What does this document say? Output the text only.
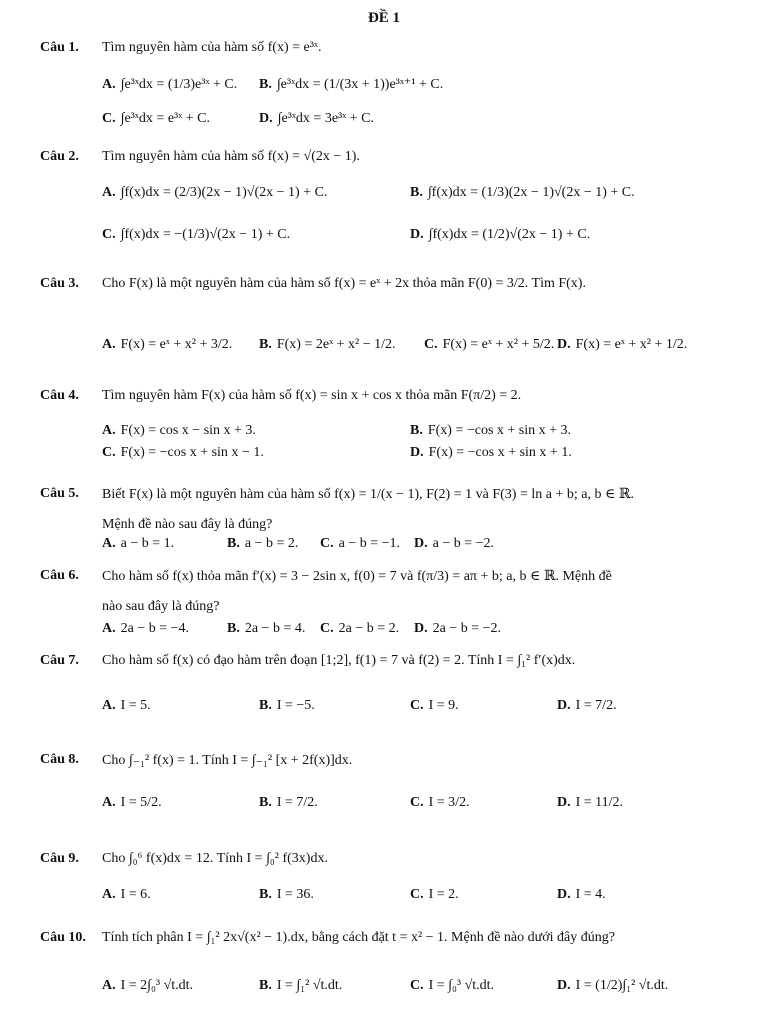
ĐỀ 1
Câu 1.	Tìm nguyên hàm của hàm số f(x) = e³ˣ.
A. ∫e³ˣdx = (1/3)e³ˣ + C. B. ∫e³ˣdx = (1/(3x + 1))e³ˣ⁺¹ + C.
C. ∫e³ˣdx = e³ˣ + C.	D. ∫e³ˣdx = 3e³ˣ + C.
Câu 2.	Tìm nguyên hàm của hàm số f(x) = √(2x − 1).
A. ∫f(x)dx = (2/3)(2x − 1)√(2x − 1) + C.	B. ∫f(x)dx = (1/3)(2x − 1)√(2x − 1) + C.
C. ∫f(x)dx = −(1/3)√(2x − 1) + C.	D. ∫f(x)dx = (1/2)√(2x − 1) + C.
Câu 3.	Cho F(x) là một nguyên hàm của hàm số f(x) = eˣ + 2x thỏa mãn F(0) = 3/2. Tìm F(x).
A. F(x) = eˣ + x² + 3/2. B. F(x) = 2eˣ + x² − 1/2. C. F(x) = eˣ + x² + 5/2. D. F(x) = eˣ + x² + 1/2.
Câu 4.	Tìm nguyên hàm F(x) của hàm số f(x) = sin x + cos x thỏa mãn F(π/2) = 2.
A. F(x) = cos x − sin x + 3.	B. F(x) = −cos x + sin x + 3.
C. F(x) = −cos x + sin x − 1.	D. F(x) = −cos x + sin x + 1.
Câu 5.	Biết F(x) là một nguyên hàm của hàm số f(x) = 1/(x − 1), F(2) = 1 và F(3) = ln a + b; a, b ∈ ℝ.
Mệnh đề nào sau đây là đúng?
A. a − b = 1.	B. a − b = 2. C. a − b = −1. D. a − b = −2.
Câu 6.	Cho hàm số f(x) thỏa mãn f′(x) = 3 − 2sin x, f(0) = 7 và f(π/3) = aπ + b; a, b ∈ ℝ. Mệnh đề
nào sau đây là đúng?
A. 2a − b = −4.	B. 2a − b = 4. C. 2a − b = 2. D. 2a − b = −2.
Câu 7.	Cho hàm số f(x) có đạo hàm trên đoạn [1;2], f(1) = 7 và f(2) = 2. Tính I = ∫₁² f′(x)dx.
A. I = 5.	B. I = −5.	C. I = 9.	D. I = 7/2.
Câu 8.	Cho ∫₋₁² f(x) = 1. Tính I = ∫₋₁² [x + 2f(x)]dx.
A. I = 5/2.	B. I = 7/2.	C. I = 3/2.	D. I = 11/2.
Câu 9.	Cho ∫₀⁶ f(x)dx = 12. Tính I = ∫₀² f(3x)dx.
A. I = 6.	B. I = 36.	C. I = 2.	D. I = 4.
Câu 10.	Tính tích phân I = ∫₁² 2x√(x² − 1).dx, bằng cách đặt t = x² − 1. Mệnh đề nào dưới đây đúng?
A. I = 2∫₀³ √t.dt.	B. I = ∫₁² √t.dt.	C. I = ∫₀³ √t.dt.	D. I = (1/2)∫₁² √t.dt.
